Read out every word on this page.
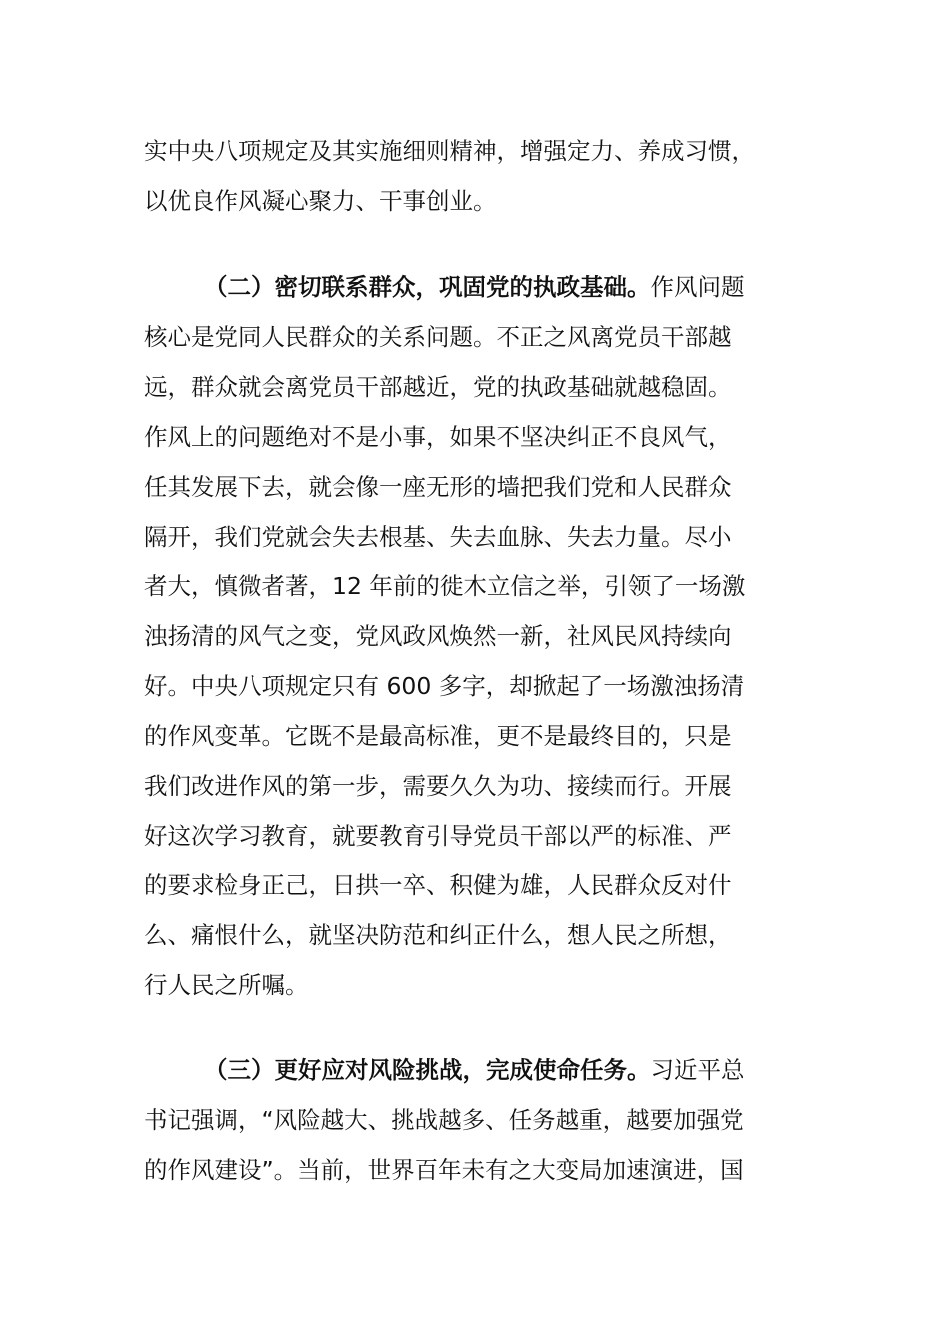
实中央八项规定及其实施细则精神，增强定力、养成习惯，
以优良作风凝心聚力、干事创业。
（二）密切联系群众，巩固党的执政基础。作风问题
核心是党同人民群众的关系问题。不正之风离党员干部越
远，群众就会离党员干部越近，党的执政基础就越稳固。
作风上的问题绝对不是小事，如果不坚决纠正不良风气，
任其发展下去，就会像一座无形的墙把我们党和人民群众
隔开，我们党就会失去根基、失去血脉、失去力量。尽小
者大，慎微者著，12 年前的徙木立信之举，引领了一场激
浊扬清的风气之变，党风政风焕然一新，社风民风持续向
好。中央八项规定只有 600 多字，却掀起了一场激浊扬清
的作风变革。它既不是最高标准，更不是最终目的，只是
我们改进作风的第一步，需要久久为功、接续而行。开展
好这次学习教育，就要教育引导党员干部以严的标准、严
的要求检身正己，日拱一卒、积健为雄，人民群众反对什
么、痛恨什么，就坚决防范和纠正什么，想人民之所想，
行人民之所嘱。
（三）更好应对风险挑战，完成使命任务。习近平总
书记强调，“风险越大、挑战越多、任务越重，越要加强党
的作风建设”。当前，世界百年未有之大变局加速演进，国
